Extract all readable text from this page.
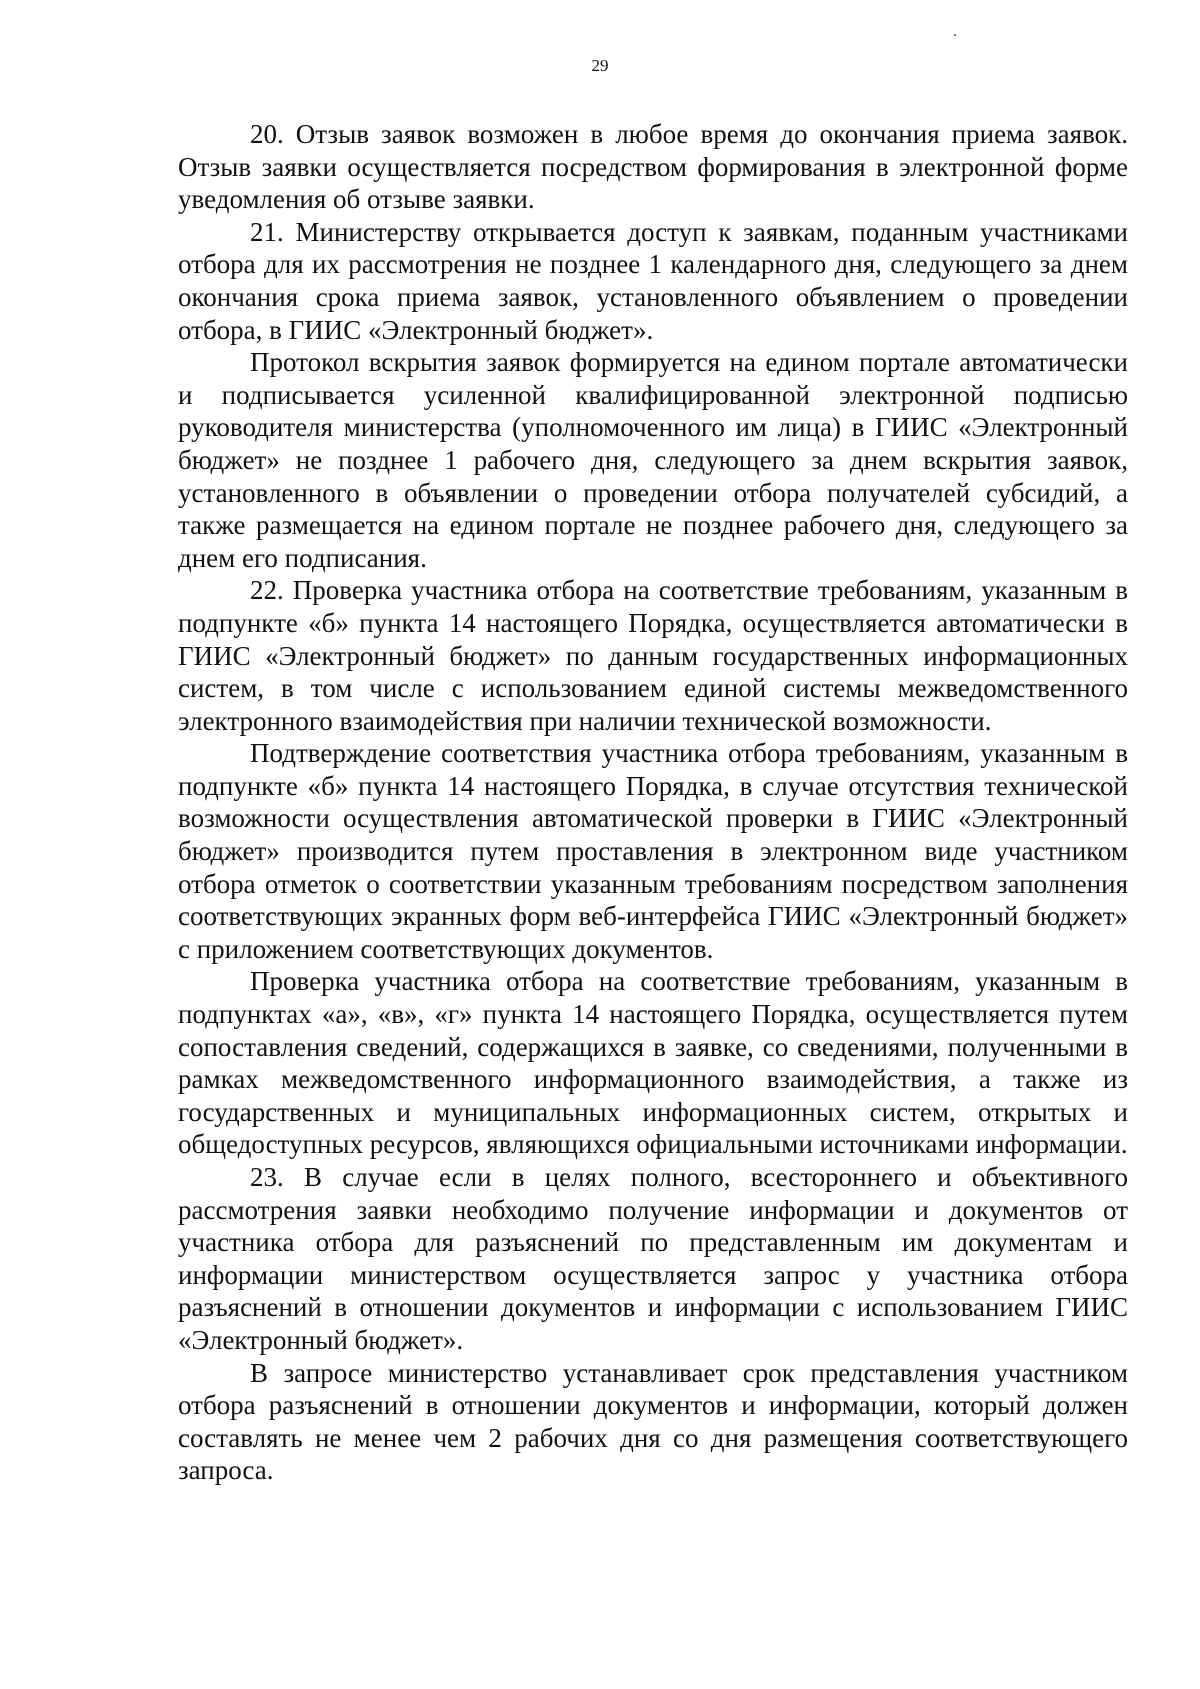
29

20. Отзыв заявок возможен в любое время до окончания приема заявок. Отзыв заявки осуществляется посредством формирования в электронной форме уведомления об отзыве заявки.

21. Министерству открывается доступ к заявкам, поданным участниками отбора для их рассмотрения не позднее 1 календарного дня, следующего за днем окончания срока приема заявок, установленного объявлением о проведении отбора, в ГИИС «Электронный бюджет».

Протокол вскрытия заявок формируется на едином портале автоматически и подписывается усиленной квалифицированной электронной подписью руководителя министерства (уполномоченного им лица) в ГИИС «Электронный бюджет» не позднее 1 рабочего дня, следующего за днем вскрытия заявок, установленного в объявлении о проведении отбора получателей субсидий, а также размещается на едином портале не позднее рабочего дня, следующего за днем его подписания.

22. Проверка участника отбора на соответствие требованиям, указанным в подпункте «б» пункта 14 настоящего Порядка, осуществляется автоматически в ГИИС «Электронный бюджет» по данным государственных информационных систем, в том числе с использованием единой системы межведомственного электронного взаимодействия при наличии технической возможности.

Подтверждение соответствия участника отбора требованиям, указанным в подпункте «б» пункта 14 настоящего Порядка, в случае отсутствия технической возможности осуществления автоматической проверки в ГИИС «Электронный бюджет» производится путем проставления в электронном виде участником отбора отметок о соответствии указанным требованиям посредством заполнения соответствующих экранных форм веб-интерфейса ГИИС «Электронный бюджет» с приложением соответствующих документов.

Проверка участника отбора на соответствие требованиям, указанным в подпунктах «а», «в», «г» пункта 14 настоящего Порядка, осуществляется путем сопоставления сведений, содержащихся в заявке, со сведениями, полученными в рамках межведомственного информационного взаимодействия, а также из государственных и муниципальных информационных систем, открытых и общедоступных ресурсов, являющихся официальными источниками информации.

23. В случае если в целях полного, всестороннего и объективного рассмотрения заявки необходимо получение информации и документов от участника отбора для разъяснений по представленным им документам и информации министерством осуществляется запрос у участника отбора разъяснений в отношении документов и информации с использованием ГИИС «Электронный бюджет».

В запросе министерство устанавливает срок представления участником отбора разъяснений в отношении документов и информации, который должен составлять не менее чем 2 рабочих дня со дня размещения соответствующего запроса.
